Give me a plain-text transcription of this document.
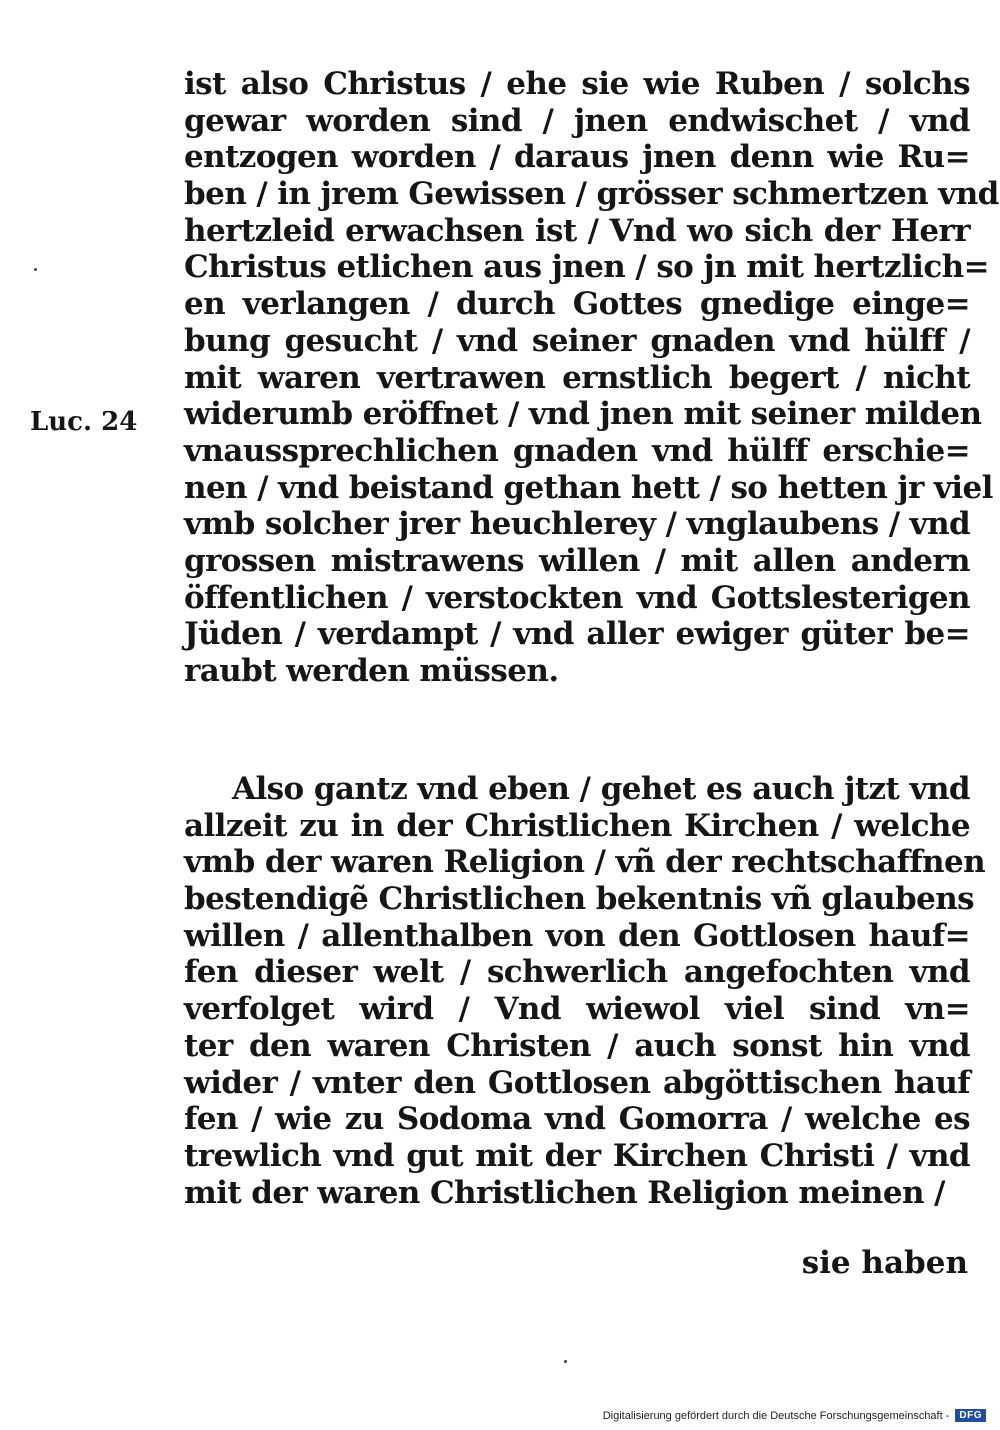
Luc. 24
ist also Christus / ehe sie wie Ruben / solchs
gewar worden sind / jnen endwischet / vnd
entzogen worden / daraus jnen denn wie Ru=
ben / in jrem Gewissen / grösser schmertzen vnd
hertzleid erwachsen ist / Vnd wo sich der Herr
Christus etlichen aus jnen / so jn mit hertzlich=
en verlangen / durch Gottes gnedige einge=
bung gesucht / vnd seiner gnaden vnd hülff /
mit waren vertrawen ernstlich begert / nicht
widerumb eröffnet / vnd jnen mit seiner milden
vnaussprechlichen gnaden vnd hülff erschie=
nen / vnd beistand gethan hett / so hetten jr viel
vmb solcher jrer heuchlerey / vnglaubens / vnd
grossen mistrawens willen / mit allen andern
öffentlichen / verstockten vnd Gottslesterigen
Jüden / verdampt / vnd aller ewiger güter be=
raubt werden müssen.
Also gantz vnd eben / gehet es auch jtzt vnd
allzeit zu in der Christlichen Kirchen / welche
vmb der waren Religion / vñ der rechtschaffnen
bestendigẽ Christlichen bekentnis vñ glaubens
willen / allenthalben von den Gottlosen hauf=
fen dieser welt / schwerlich angefochten vnd
verfolget wird / Vnd wiewol viel sind vn=
ter den waren Christen / auch sonst hin vnd
wider / vnter den Gottlosen abgöttischen hauf
fen / wie zu Sodoma vnd Gomorra / welche es
trewlich vnd gut mit der Kirchen Christi / vnd
mit der waren Christlichen Religion meinen /
sie haben
Digitalisierung gefördert durch die Deutsche Forschungsgemeinschaft -	DFG
